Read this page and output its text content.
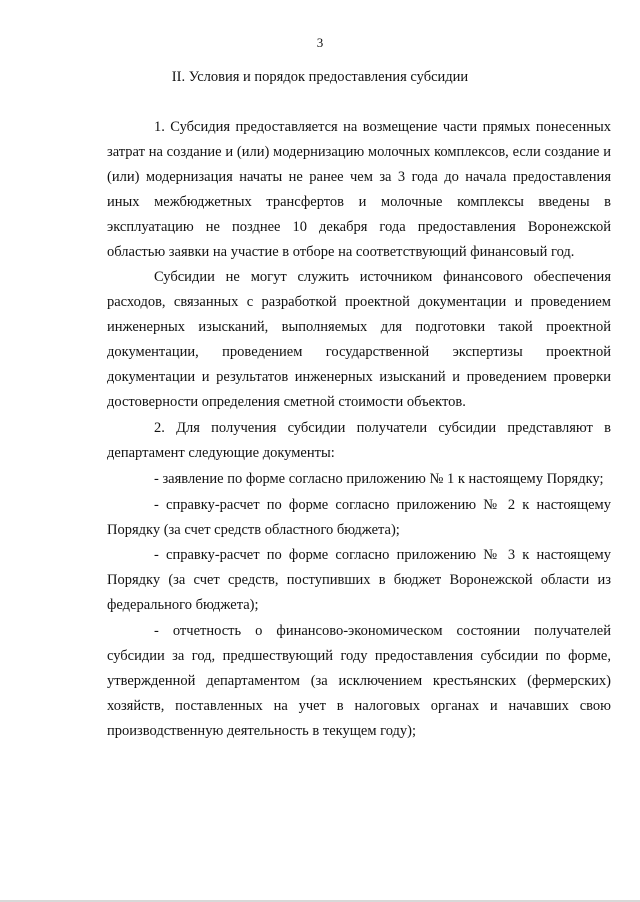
3
II. Условия и порядок предоставления субсидии

1. Субсидия предоставляется на возмещение части прямых понесенных затрат на создание и (или) модернизацию молочных комплексов, если создание и (или) модернизация начаты не ранее чем за 3 года до начала предоставления иных межбюджетных трансфертов и молочные комплексы введены в эксплуатацию не позднее 10 декабря года предоставления Воронежской областью заявки на участие в отборе на соответствующий финансовый год.

Субсидии не могут служить источником финансового обеспечения расходов, связанных с разработкой проектной документации и проведением инженерных изысканий, выполняемых для подготовки такой проектной документации, проведением государственной экспертизы проектной документации и результатов инженерных изысканий и проведением проверки достоверности определения сметной стоимости объектов.

2. Для получения субсидии получатели субсидии представляют в департамент следующие документы:

- заявление по форме согласно приложению № 1 к настоящему Порядку;

- справку-расчет по форме согласно приложению № 2 к настоящему Порядку (за счет средств областного бюджета);

- справку-расчет по форме согласно приложению № 3 к настоящему Порядку (за счет средств, поступивших в бюджет Воронежской области из федерального бюджета);

- отчетность о финансово-экономическом состоянии получателей субсидии за год, предшествующий году предоставления субсидии по форме, утвержденной департаментом (за исключением крестьянских (фермерских) хозяйств, поставленных на учет в налоговых органах и начавших свою производственную деятельность в текущем году);
